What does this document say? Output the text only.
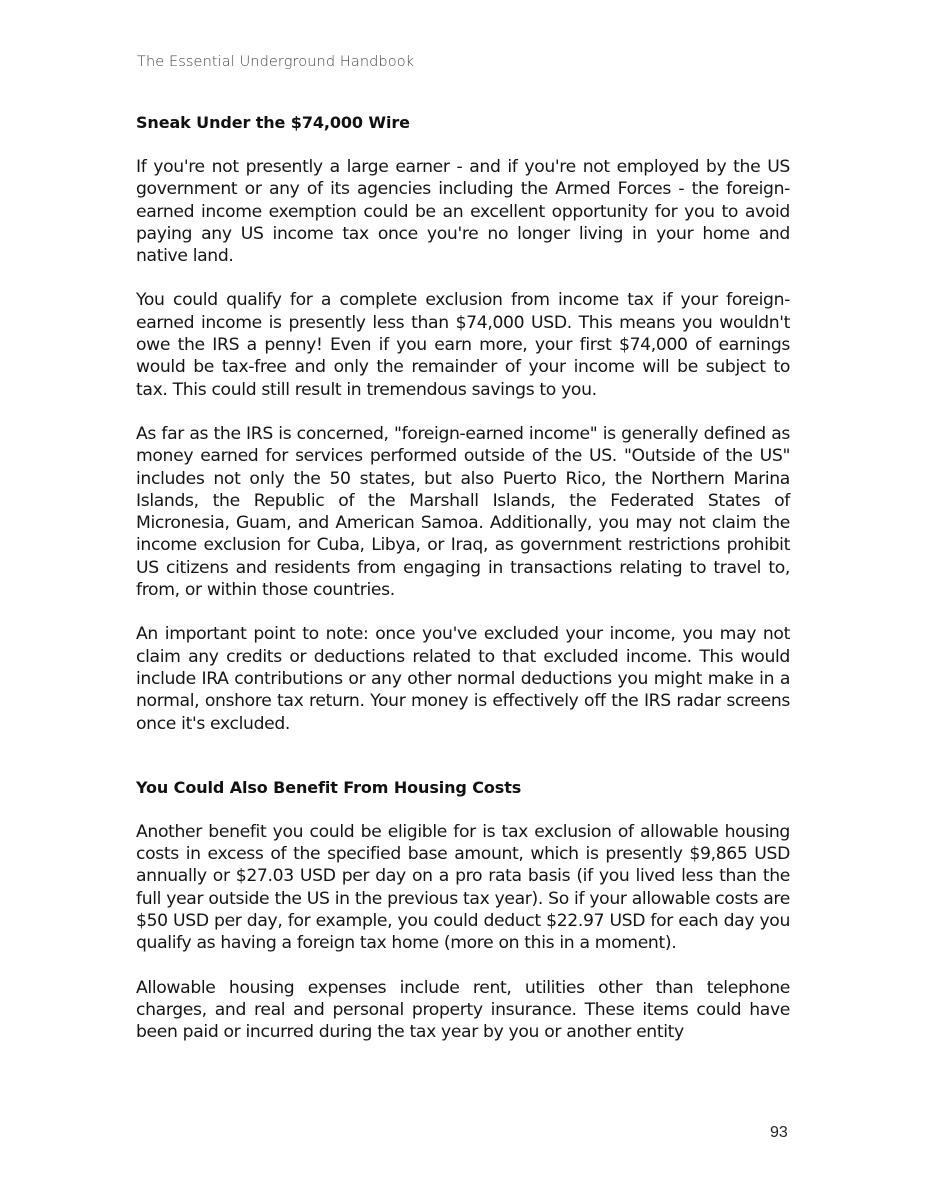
The Essential Underground Handbook
Sneak Under the $74,000 Wire

If you're not presently a large earner - and if you're not employed by the US government or any of its agencies including the Armed Forces - the foreign-earned income exemption could be an excellent opportunity for you to avoid paying any US income tax once you're no longer living in your home and native land.

You could qualify for a complete exclusion from income tax if your foreign-earned income is presently less than $74,000 USD. This means you wouldn't owe the IRS a penny! Even if you earn more, your first $74,000 of earnings would be tax-free and only the remainder of your income will be subject to tax. This could still result in tremendous savings to you.

As far as the IRS is concerned, "foreign-earned income" is generally defined as money earned for services performed outside of the US. "Outside of the US" includes not only the 50 states, but also Puerto Rico, the Northern Marina Islands, the Republic of the Marshall Islands, the Federated States of Micronesia, Guam, and American Samoa. Additionally, you may not claim the income exclusion for Cuba, Libya, or Iraq, as government restrictions prohibit US citizens and residents from engaging in transactions relating to travel to, from, or within those countries.

An important point to note: once you've excluded your income, you may not claim any credits or deductions related to that excluded income. This would include IRA contributions or any other normal deductions you might make in a normal, onshore tax return. Your money is effectively off the IRS radar screens once it's excluded.

You Could Also Benefit From Housing Costs

Another benefit you could be eligible for is tax exclusion of allowable housing costs in excess of the specified base amount, which is presently $9,865 USD annually or $27.03 USD per day on a pro rata basis (if you lived less than the full year outside the US in the previous tax year). So if your allowable costs are $50 USD per day, for example, you could deduct $22.97 USD for each day you qualify as having a foreign tax home (more on this in a moment).

Allowable housing expenses include rent, utilities other than telephone charges, and real and personal property insurance. These items could have been paid or incurred during the tax year by you or another entity

93
